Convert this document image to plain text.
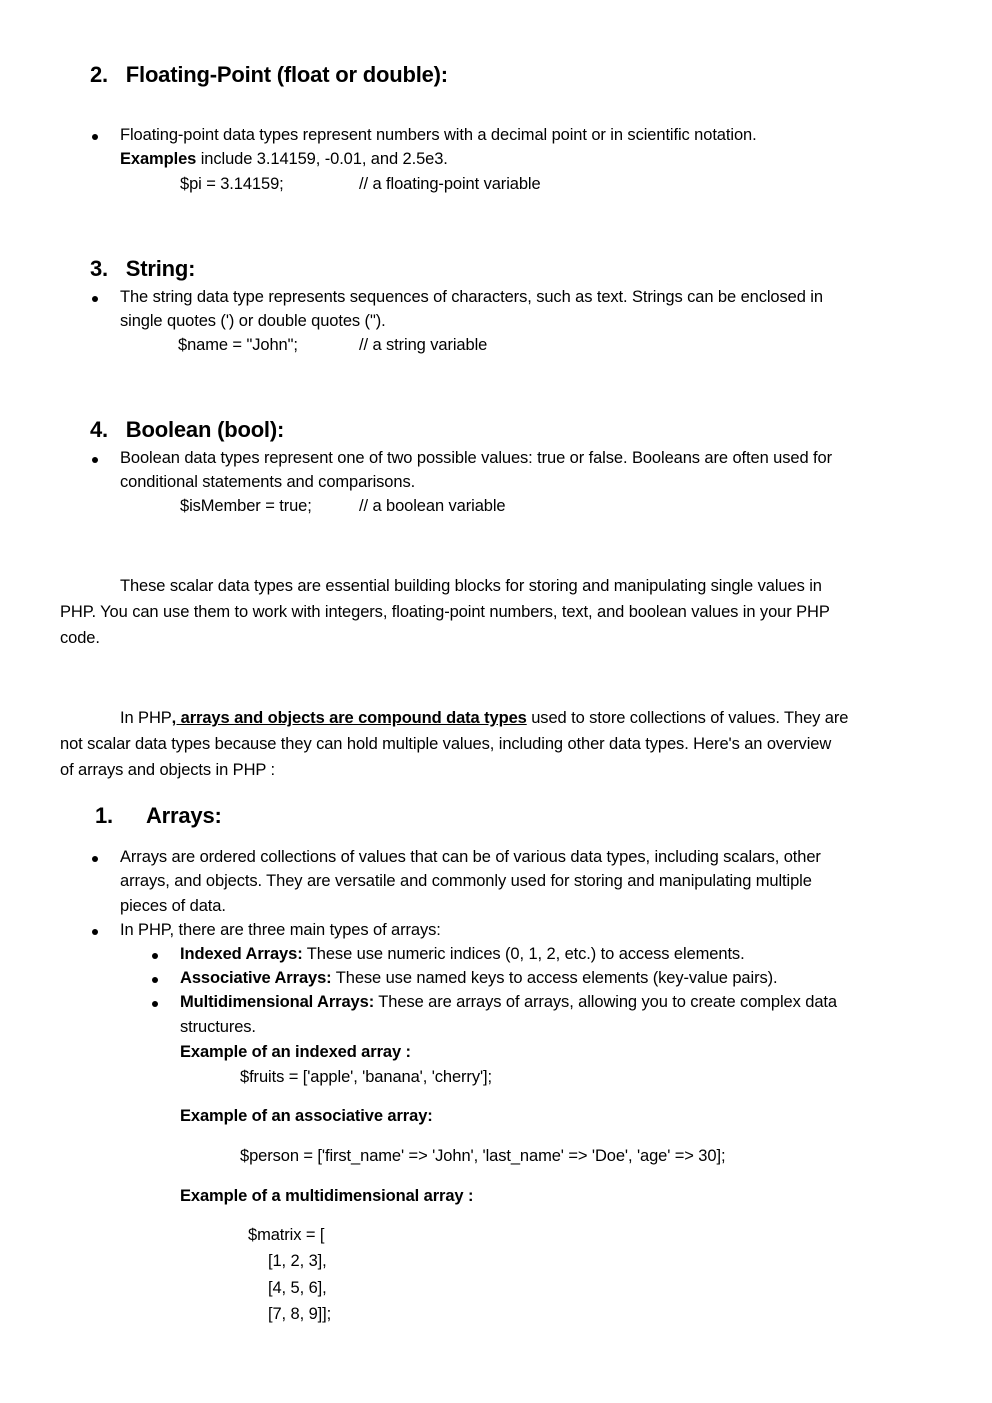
2. Floating-Point (float or double):
Floating-point data types represent numbers with a decimal point or in scientific notation.
Examples include 3.14159, -0.01, and 2.5e3.
$pi = 3.14159;	// a floating-point variable
3. String:
The string data type represents sequences of characters, such as text. Strings can be enclosed in
single quotes (') or double quotes (").
$name = "John";	// a string variable
4. Boolean (bool):
Boolean data types represent one of two possible values: true or false. Booleans are often used for
conditional statements and comparisons.
$isMember = true;	// a boolean variable
These scalar data types are essential building blocks for storing and manipulating single values in
PHP. You can use them to work with integers, floating-point numbers, text, and boolean values in your PHP
code.
In PHP, arrays and objects are compound data types used to store collections of values. They are
not scalar data types because they can hold multiple values, including other data types. Here's an overview
of arrays and objects in PHP :
1. Arrays:
Arrays are ordered collections of values that can be of various data types, including scalars, other
arrays, and objects. They are versatile and commonly used for storing and manipulating multiple
pieces of data.
In PHP, there are three main types of arrays:
Indexed Arrays: These use numeric indices (0, 1, 2, etc.) to access elements.
Associative Arrays: These use named keys to access elements (key-value pairs).
Multidimensional Arrays: These are arrays of arrays, allowing you to create complex data
structures.
Example of an indexed array :
$fruits = ['apple', 'banana', 'cherry'];
Example of an associative array:
$person = ['first_name' => 'John', 'last_name' => 'Doe', 'age' => 30];
Example of a multidimensional array :
$matrix = [
[1, 2, 3],
[4, 5, 6],
[7, 8, 9]];
